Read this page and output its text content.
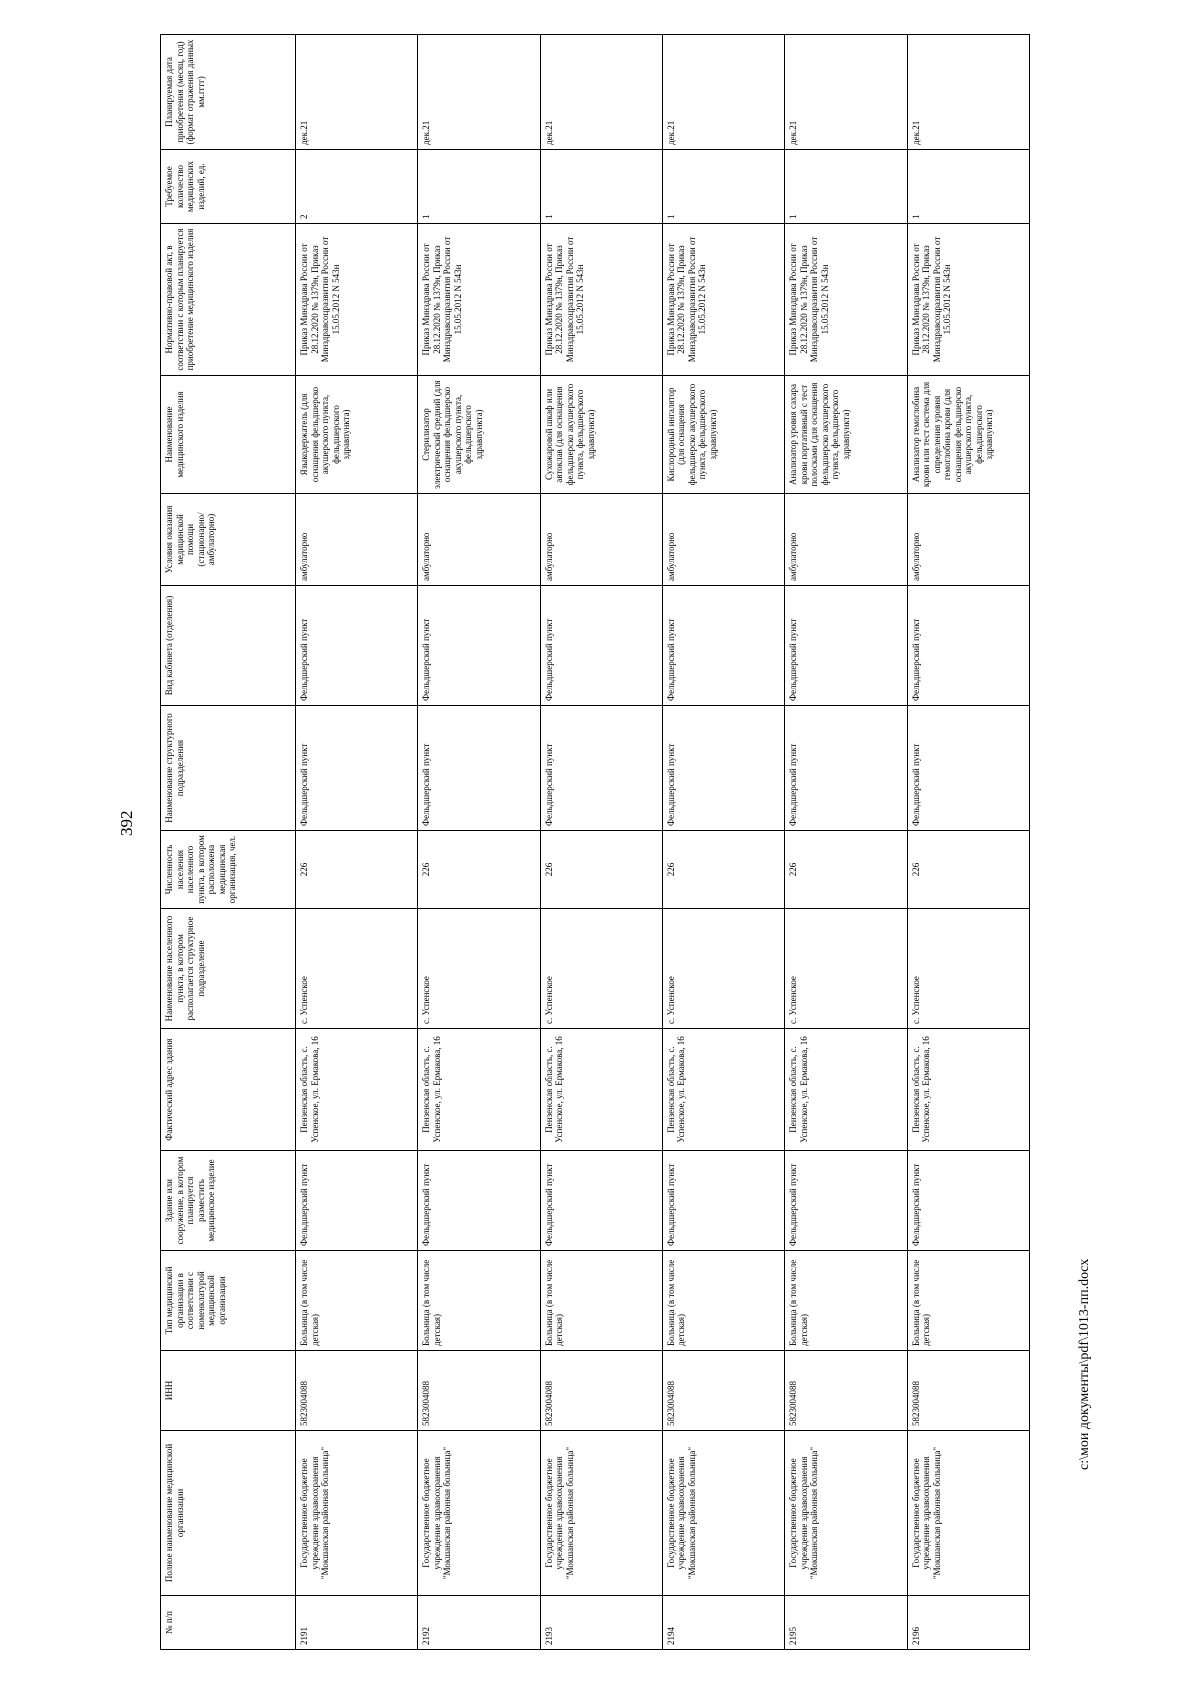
392
№ п/п	Полное наименование медицинской организации	ИНН	Тип медицинской организации в соответствии с номенклатурой медицинской организации	Здание или сооружение, в котором планируется разместить медицинское изделие	Фактический адрес здания	Наименование населенного пункта, в котором располагается структурное подразделение	Численность населения населенного пункта, в котором расположена медицинская организация, чел.	Наименование структурного подразделения	Вид кабинета (отделения)	Условия оказания медицинской помощи (стационарно/ амбулаторно)	Наименование медицинского изделия	Нормативно-правовой акт, в соответствии с которым планируется приобретение медицинского изделия	Требуемое количество медицинских изделий, ед.	Планируемая дата приобретения (месяц, год) (формат отражения данных мм.гггг)
2191	Государственное бюджетное учреждение здравоохранения "Мокшанская районная больница"	5823004088	Больница (в том числе детская)	Фельдшерский пункт	Пензенская область, с. Успенское, ул. Ермакова, 16	с. Успенское	226	Фельдшерский пункт	Фельдшерский пункт	амбулаторно	Языкодержатель (для оснащения фельдшерско акушерского пункта, фельдшерского здравпункта)	Приказ Минздрава России от 28.12.2020 № 1379н, Приказ Минздравсоцразвития России от 15.05.2012 N 543н	2	дек.21
2192	Государственное бюджетное учреждение здравоохранения "Мокшанская районная больница"	5823004088	Больница (в том числе детская)	Фельдшерский пункт	Пензенская область, с. Успенское, ул. Ермакова, 16	с. Успенское	226	Фельдшерский пункт	Фельдшерский пункт	амбулаторно	Стерилизатор электрический средний (для оснащения фельдшерско акушерского пункта, фельдшерского здравпункта)	Приказ Минздрава России от 28.12.2020 № 1379н, Приказ Минздравсоцразвития России от 15.05.2012 N 543н	1	дек.21
2193	Государственное бюджетное учреждение здравоохранения "Мокшанская районная больница"	5823004088	Больница (в том числе детская)	Фельдшерский пункт	Пензенская область, с. Успенское, ул. Ермакова, 16	с. Успенское	226	Фельдшерский пункт	Фельдшерский пункт	амбулаторно	Сухожаровой шкаф или автоклав (для оснащения фельдшерско акушерского пункта, фельдшерского здравпункта)	Приказ Минздрава России от 28.12.2020 № 1379н, Приказ Минздравсоцразвития России от 15.05.2012 N 543н	1	дек.21
2194	Государственное бюджетное учреждение здравоохранения "Мокшанская районная больница"	5823004088	Больница (в том числе детская)	Фельдшерский пункт	Пензенская область, с. Успенское, ул. Ермакова, 16	с. Успенское	226	Фельдшерский пункт	Фельдшерский пункт	амбулаторно	Кислородный ингалятор (для оснащения фельдшерско акушерского пункта, фельдшерского здравпункта)	Приказ Минздрава России от 28.12.2020 № 1379н, Приказ Минздравсоцразвития России от 15.05.2012 N 543н	1	дек.21
2195	Государственное бюджетное учреждение здравоохранения "Мокшанская районная больница"	5823004088	Больница (в том числе детская)	Фельдшерский пункт	Пензенская область, с. Успенское, ул. Ермакова, 16	с. Успенское	226	Фельдшерский пункт	Фельдшерский пункт	амбулаторно	Анализатор уровня сахара крови портативный с тест полосками (для оснащения фельдшерско акушерского пункта, фельдшерского здравпункта)	Приказ Минздрава России от 28.12.2020 № 1379н, Приказ Минздравсоцразвития России от 15.05.2012 N 543н	1	дек.21
2196	Государственное бюджетное учреждение здравоохранения "Мокшанская районная больница"	5823004088	Больница (в том числе детская)	Фельдшерский пункт	Пензенская область, с. Успенское, ул. Ермакова, 16	с. Успенское	226	Фельдшерский пункт	Фельдшерский пункт	амбулаторно	Анализатор гемоглобина крови или тест система для определения уровня гемоглобина крови (для оснащения фельдшерско акушерского пункта, фельдшерского здравпункта)	Приказ Минздрава России от 28.12.2020 № 1379н, Приказ Минздравсоцразвития России от 15.05.2012 N 543н	1	дек.21
c:\мои документы\pdf\1013-пп.docx
